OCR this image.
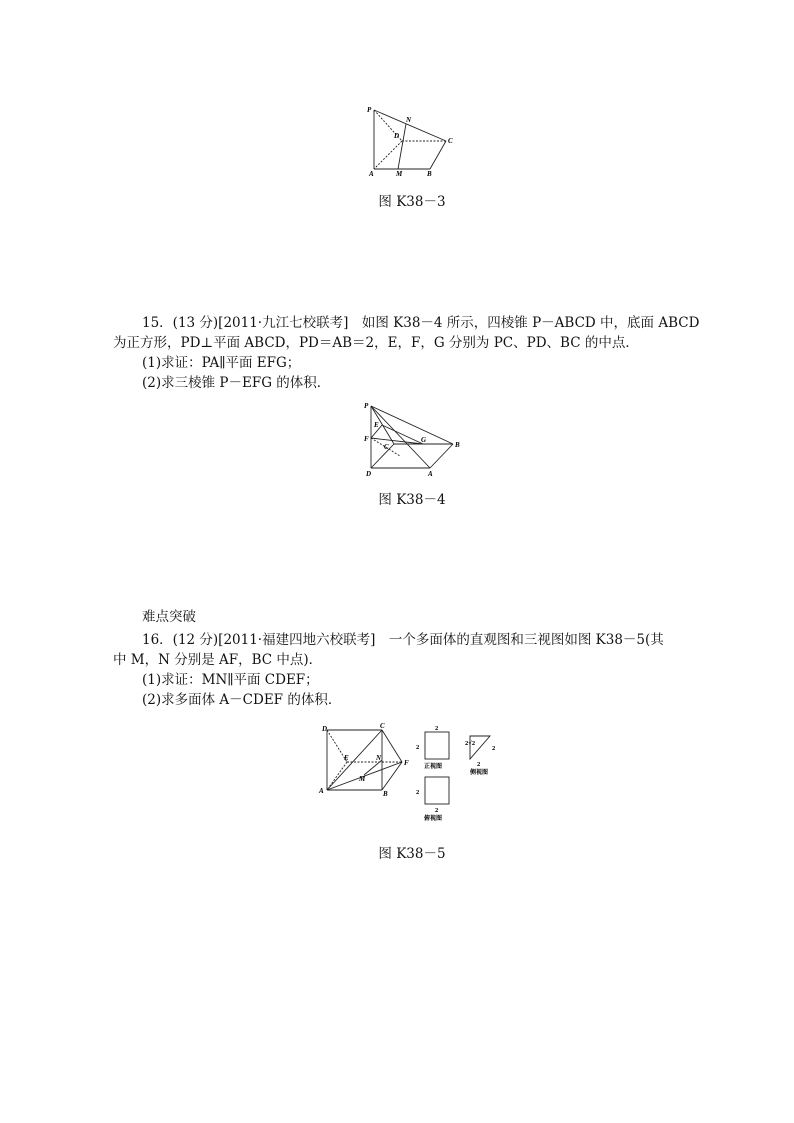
P
N
D
C
A	M	B
图 K38－3
15．(13 分)[2011·九江七校联考]　如图 K38－4 所示，四棱锥 P－ABCD 中，底面 ABCD
为正方形，PD⊥平面 ABCD，PD＝AB＝2，E，F，G 分别为 PC、PD、BC 的中点．
(1)求证：PA∥平面 EFG；
(2)求三棱锥 P－EFG 的体积．
P
E
F	G
C	B
D	A
图 K38－4
难点突破
16．(12 分)[2011·福建四地六校联考]　一个多面体的直观图和三视图如图 K38－5(其
中 M，N 分别是 AF，BC 中点)．
(1)求证：MN∥平面 CDEF；
(2)求多面体 A－CDEF 的体积．
D	C
E	N
F
M
A	B
2
2
正视图
2√2
2
2
侧视图
2
2
俯视图
图 K38－5
